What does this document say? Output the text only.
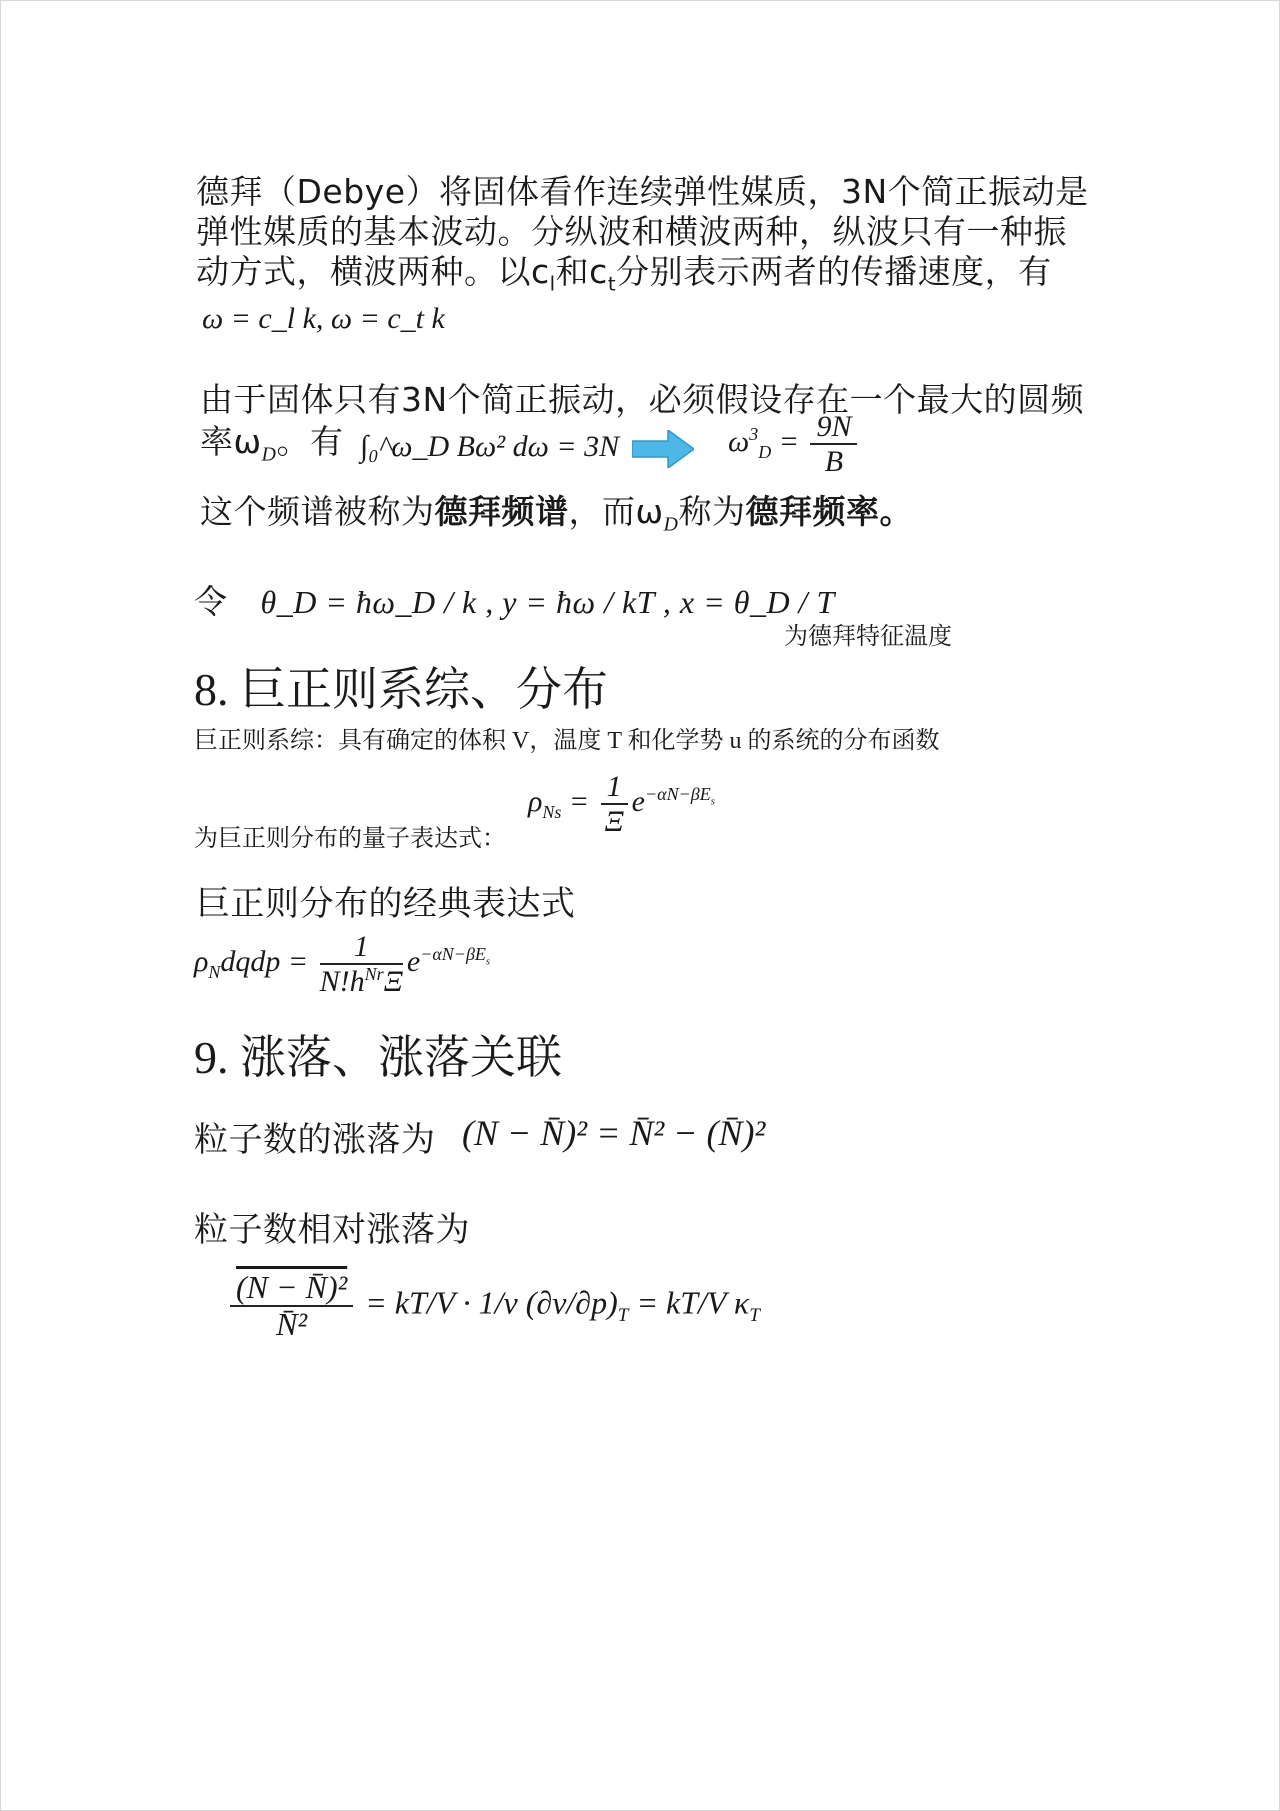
德拜（Debye）将固体看作连续弹性媒质，3N个简正振动是
弹性媒质的基本波动。分纵波和横波两种，纵波只有一种振
动方式，横波两种。以$c_l$和$c_t$分别表示两者的传播速度，有
ω = c_l k, ω = c_t k
由于固体只有3N个简正振动，必须假设存在一个最大的圆频
率$\omega_D$。有 ∫₀^ω_D Bω² dω = 3N	$\omega^3_D = \frac{9N}{B}$
这个频谱被称为德拜频谱，而$\omega_D$称为德拜频率。
令 θ_D = ħω_D / k , y = ħω / kT , x = θ_D / T
为德拜特征温度
8. 巨正则系综、分布
巨正则系综：具有确定的体积 V，温度 T 和化学势 u 的系统的分布函数
为巨正则分布的量子表达式：
$\rho_{Ns} = \frac{1}{\Xi} e^{-\alpha N-\beta E_s}$
巨正则分布的经典表达式
$\rho_Ndqdp = \frac{1}{N!h^{Nr}\Xi} e^{-\alpha N-\beta E_s}$
9. 涨落、涨落关联
粒子数的涨落为 (N − N̄)² = N̄² − (N̄)²
粒子数相对涨落为
$\frac{\text{(N − N̄)²}}{\text{N̄²}} = kT/V \cdot 1/v$ $(\partial v/\partial p)_T = kT/V$ $\kappa_T$
